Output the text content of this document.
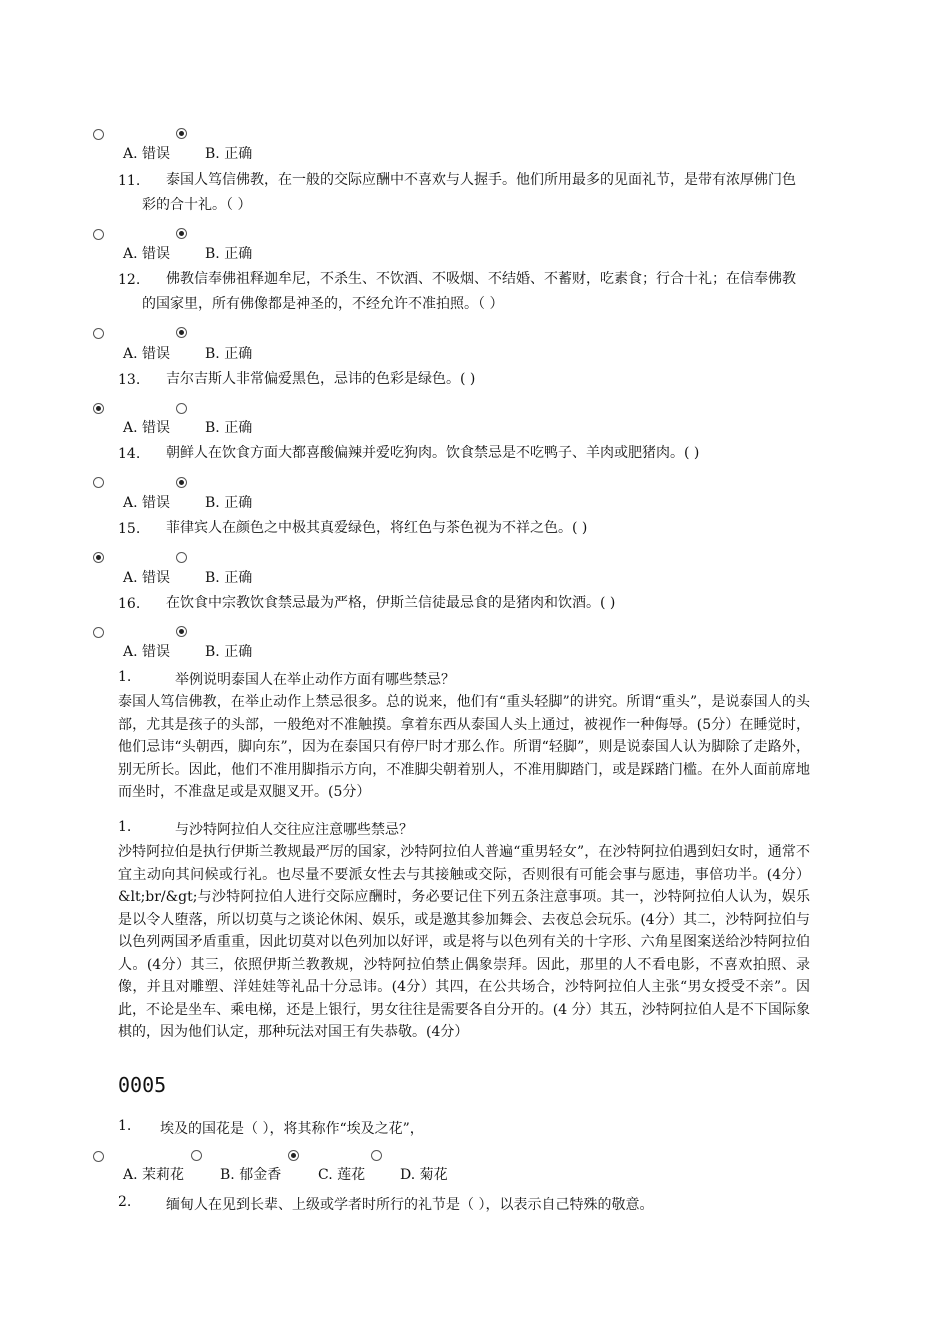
A. 错误 B. 正确
11. 泰国人笃信佛教，在一般的交际应酬中不喜欢与人握手。他们所用最多的见面礼节，是带有浓厚佛门色
彩的合十礼。（ ）
A. 错误 B. 正确
12. 佛教信奉佛祖释迦牟尼，不杀生、不饮酒、不吸烟、不结婚、不蓄财，吃素食；行合十礼；在信奉佛教
的国家里，所有佛像都是神圣的，不经允许不准拍照。（ ）
A. 错误 B. 正确
13. 吉尔吉斯人非常偏爱黑色，忌讳的色彩是绿色。( )
A. 错误 B. 正确
14. 朝鲜人在饮食方面大都喜酸偏辣并爱吃狗肉。饮食禁忌是不吃鸭子、羊肉或肥猪肉。( )
A. 错误 B. 正确
15. 菲律宾人在颜色之中极其真爱绿色，将红色与茶色视为不祥之色。( )
A. 错误 B. 正确
16. 在饮食中宗教饮食禁忌最为严格，伊斯兰信徒最忌食的是猪肉和饮酒。( )
A. 错误 B. 正确
1.	举例说明泰国人在举止动作方面有哪些禁忌？
泰国人笃信佛教，在举止动作上禁忌很多。总的说来，他们有“重头轻脚”的讲究。所谓“重头”，是说泰国人的头部，尤其是孩子的头部，一般绝对不准触摸。拿着东西从泰国人头上通过，被视作一种侮辱。(5分）在睡觉时，他们忌讳“头朝西，脚向东”，因为在泰国只有停尸时才那么作。所谓“轻脚”，则是说泰国人认为脚除了走路外，别无所长。因此，他们不准用脚指示方向，不准脚尖朝着别人，不准用脚踏门，或是踩踏门槛。在外人面前席地而坐时，不准盘足或是双腿叉开。(5分）
1.	与沙特阿拉伯人交往应注意哪些禁忌？
沙特阿拉伯是执行伊斯兰教规最严厉的国家，沙特阿拉伯人普遍“重男轻女”，在沙特阿拉伯遇到妇女时，通常不宜主动向其问候或行礼。也尽量不要派女性去与其接触或交际，否则很有可能会事与愿违，事倍功半。(4分）&lt;br/&gt;与沙特阿拉伯人进行交际应酬时，务必要记住下列五条注意事项。其一，沙特阿拉伯人认为，娱乐是以令人堕落，所以切莫与之谈论休闲、娱乐，或是邀其参加舞会、去夜总会玩乐。(4分）其二，沙特阿拉伯与以色列两国矛盾重重，因此切莫对以色列加以好评，或是将与以色列有关的十字形、六角星图案送给沙特阿拉伯人。(4分）其三，依照伊斯兰教教规，沙特阿拉伯禁止偶象崇拜。因此，那里的人不看电影，不喜欢拍照、录像，并且对雕塑、洋娃娃等礼品十分忌讳。(4分）其四，在公共场合，沙特阿拉伯人主张“男女授受不亲”。因此，不论是坐车、乘电梯，还是上银行，男女往往是需要各自分开的。(4 分）其五，沙特阿拉伯人是不下国际象棋的，因为他们认定，那种玩法对国王有失恭敬。(4分）
0005
1. 埃及的国花是（ ），将其称作“埃及之花”，
A. 茉莉花	B. 郁金香	C. 莲花 D. 菊花
2. 缅甸人在见到长辈、上级或学者时所行的礼节是（ ），以表示自己特殊的敬意。
